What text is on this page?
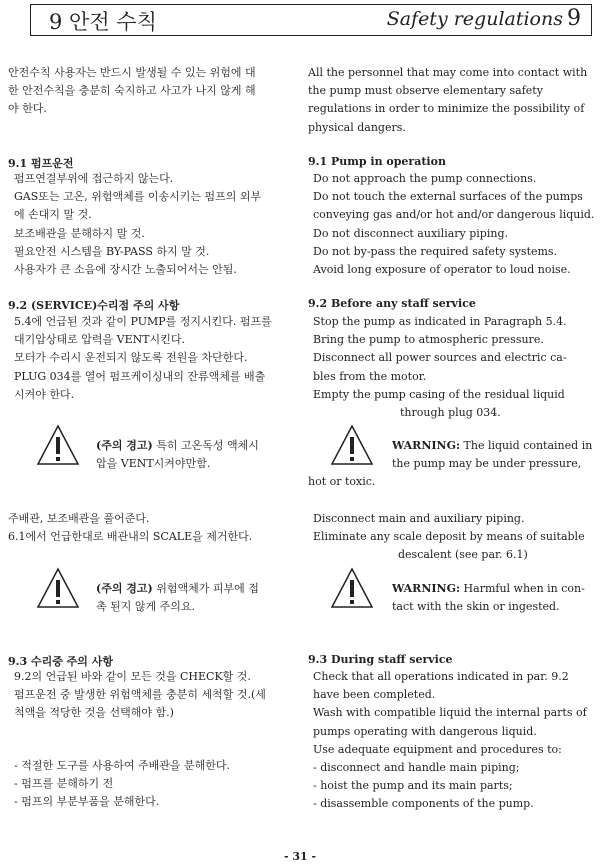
9 안전 수칙	Safety regulations 9
안전수칙 사용자는 반드시 발생될 수 있는 위험에 대
한 안전수칙을 충분히 숙지하고 사고가 나지 않게 해
야 한다.
All the personnel that may come into contact with
the pump must observe elementary safety
regulations in order to minimize the possibility of
physical dangers.
9.1 펌프운전	9.1 Pump in operation
펌프연결부위에 접근하지 않는다.
GAS또는 고온, 위험액체를 이송시키는 펌프의 외부
에 손대지 말 것.
보조배관을 분해하지 말 것.
필요안전 시스템을 BY-PASS 하지 말 것.
사용자가 큰 소음에 장시간 노출되어서는 안됨.
Do not approach the pump connections.
Do not touch the external surfaces of the pumps
conveying gas and/or hot and/or dangerous liquid.
Do not disconnect auxiliary piping.
Do not by-pass the required safety systems.
Avoid long exposure of operator to loud noise.
9.2 (SERVICE)수리점 주의 사항	9.2 Before any staff service
5.4에 언급된 것과 같이 PUMP를 정지시킨다. 펌프를
대기압상태로 압력을 VENT시킨다.
모터가 수리시 운전되지 않도록 전원을 차단한다.
PLUG 034를 열어 펌프케이싱내의 잔류액체를 배출
시켜야 한다.
Stop the pump as indicated in Paragraph 5.4.
Bring the pump to atmospheric pressure.
Disconnect all power sources and electric ca-
bles from the motor.
Empty the pump casing of the residual liquid
through plug 034.
(주의 경고) 특히 고온독성 액체시
압을 VENT시켜야만함.
WARNING: The liquid contained in
the pump may be under pressure,
hot or toxic.
주배관, 보조배관을 풀어준다.
6.1에서 언급한대로 배관내의 SCALE을 제거한다.
Disconnect main and auxiliary piping.
Eliminate any scale deposit by means of suitable
descalent (see par. 6.1)
(주의 경고) 위험액체가 피부에 접
촉 된지 않게 주의요.
WARNING: Harmful when in con-
tact with the skin or ingested.
9.3 수리중 주의 사항	9.3 During staff service
9.2의 언급된 바와 같이 모든 것을 CHECK할 것.
펌프운전 중 발생한 위험액체를 충분히 세척할 것.(세
척액을 적당한 것을 선택해야 함.)
- 적절한 도구를 사용하여 주배관을 분해한다.
- 펌프를 분해하기 전
- 펌프의 부분부품을 분해한다.
Check that all operations indicated in par. 9.2
have been completed.
Wash with compatible liquid the internal parts of
pumps operating with dangerous liquid.
Use adequate equipment and procedures to:
- disconnect and handle main piping;
- hoist the pump and its main parts;
- disassemble components of the pump.
- 31 -
